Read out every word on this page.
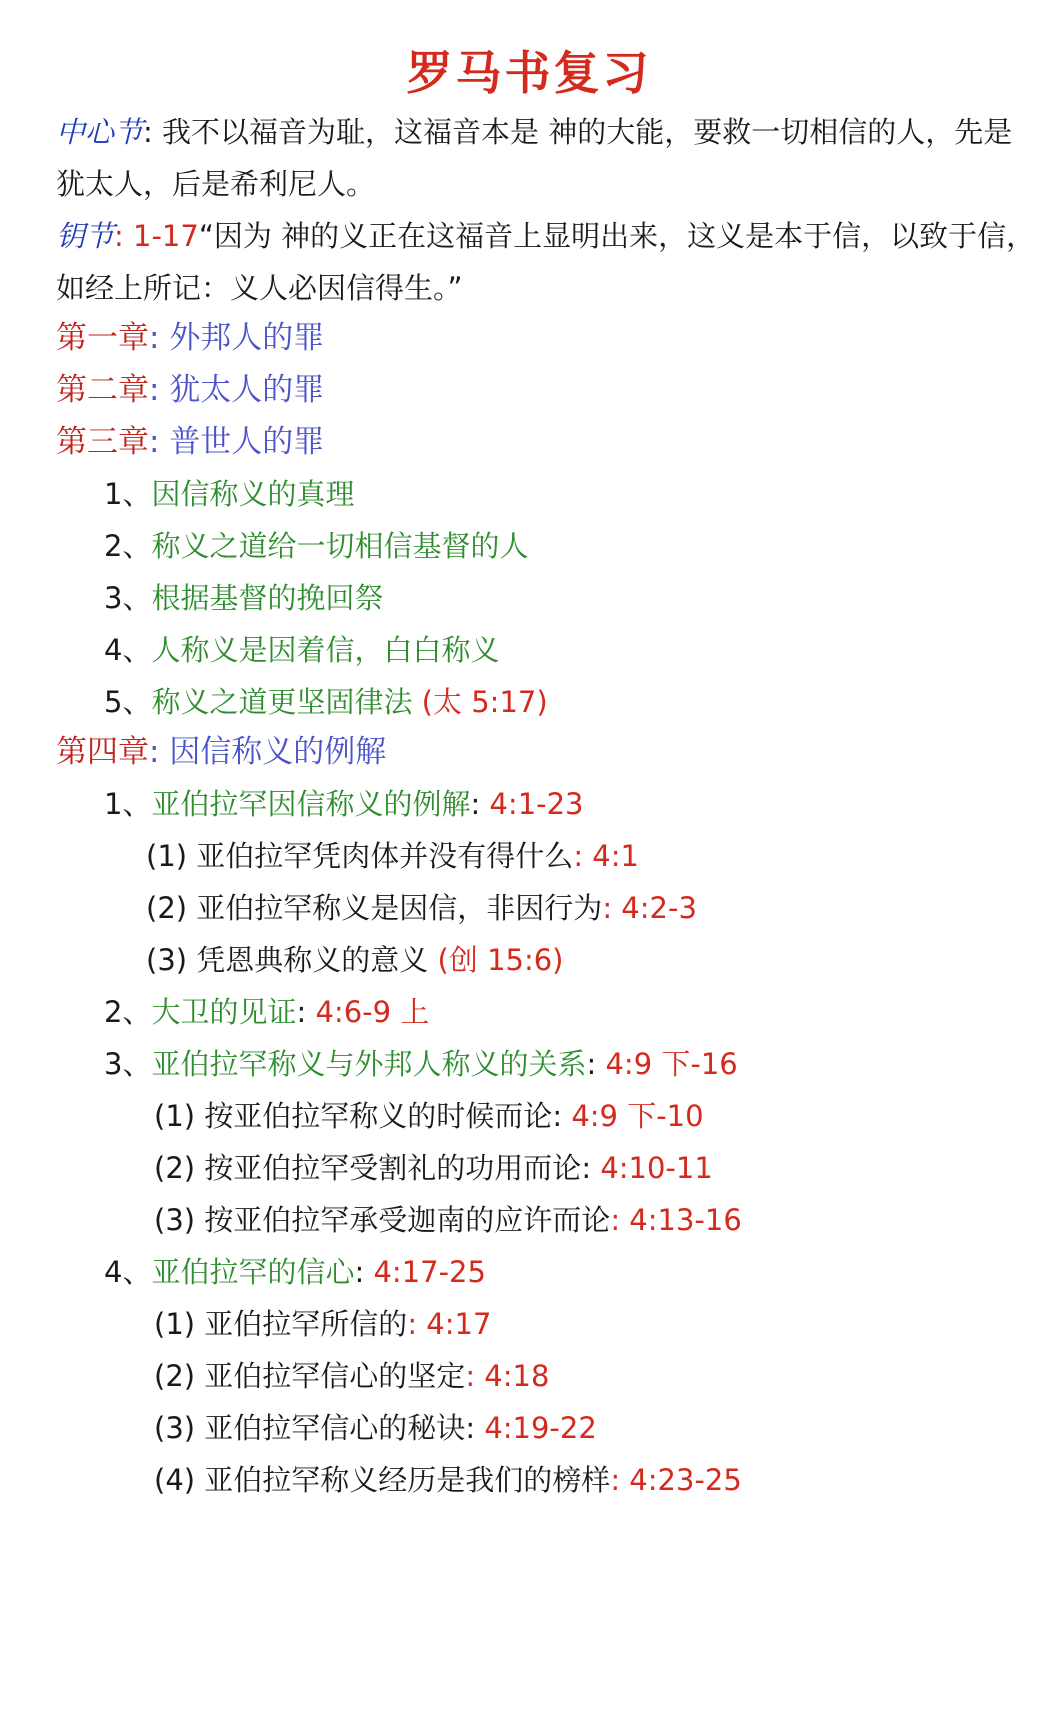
罗马书复习
中心节: 我不以福音为耻，这福音本是 神的大能，要救一切相信的人，先是
犹太人，后是希利尼人。
钥节: 1-17“因为 神的义正在这福音上显明出来，这义是本于信，以致于信，
如经上所记：义人必因信得生。”
第一章: 外邦人的罪
第二章: 犹太人的罪
第三章: 普世人的罪
1、因信称义的真理
2、称义之道给一切相信基督的人
3、根据基督的挽回祭
4、人称义是因着信，白白称义
5、称义之道更坚固律法 (太 5:17)
第四章: 因信称义的例解
1、亚伯拉罕因信称义的例解: 4:1-23
(1) 亚伯拉罕凭肉体并没有得什么: 4:1
(2) 亚伯拉罕称义是因信，非因行为: 4:2-3
(3) 凭恩典称义的意义 (创 15:6)
2、大卫的见证: 4:6-9 上
3、亚伯拉罕称义与外邦人称义的关系: 4:9 下-16
(1) 按亚伯拉罕称义的时候而论: 4:9 下-10
(2) 按亚伯拉罕受割礼的功用而论: 4:10-11
(3) 按亚伯拉罕承受迦南的应许而论: 4:13-16
4、亚伯拉罕的信心: 4:17-25
(1) 亚伯拉罕所信的: 4:17
(2) 亚伯拉罕信心的坚定: 4:18
(3) 亚伯拉罕信心的秘诀: 4:19-22
(4) 亚伯拉罕称义经历是我们的榜样: 4:23-25
